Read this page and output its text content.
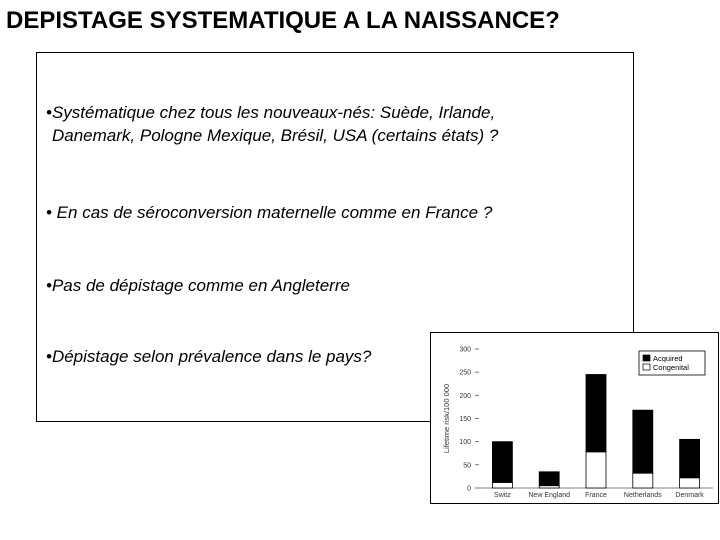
DEPISTAGE SYSTEMATIQUE A LA NAISSANCE?
•Systématique chez tous les nouveaux-nés: Suède, Irlande,
Danemark, Pologne Mexique, Brésil, USA (certains états) ?
• En cas de séroconversion maternelle comme en France ?
•Pas de dépistage comme en Angleterre
•Dépistage selon prévalence dans le pays?
Lifetime risk/100 000
0
50
100
150
200
250
300
Switz	New England France Netherlands Denmark
Acquired
Congenital
